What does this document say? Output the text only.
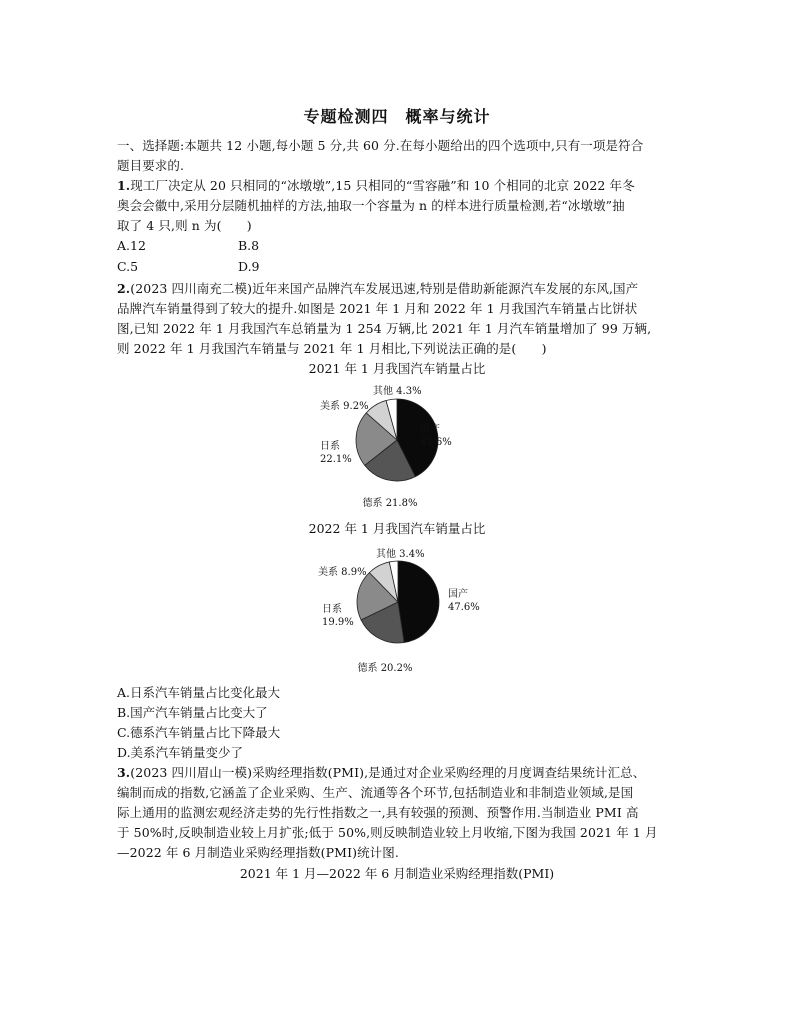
专题检测四　概率与统计
一、选择题:本题共 12 小题,每小题 5 分,共 60 分.在每小题给出的四个选项中,只有一项是符合
题目要求的.
1.现工厂决定从 20 只相同的“冰墩墩”,15 只相同的“雪容融”和 10 个相同的北京 2022 年冬
奥会会徽中,采用分层随机抽样的方法,抽取一个容量为 n 的样本进行质量检测,若“冰墩墩”抽
取了 4 只,则 n 为(　　)
A.12	B.8
C.5	D.9
2.(2023 四川南充二模)近年来国产品牌汽车发展迅速,特别是借助新能源汽车发展的东风,国产
品牌汽车销量得到了较大的提升.如图是 2021 年 1 月和 2022 年 1 月我国汽车销量占比饼状
图,已知 2022 年 1 月我国汽车总销量为 1 254 万辆,比 2021 年 1 月汽车销量增加了 99 万辆,
则 2022 年 1 月我国汽车销量与 2021 年 1 月相比,下列说法正确的是(　　)
2021 年 1 月我国汽车销量占比
国产
42.6%
德系 21.8%
日系
22.1%
美系 9.2%
其他 4.3%
2022 年 1 月我国汽车销量占比
国产
47.6%
德系 20.2%
日系
19.9%
美系 8.9%
其他 3.4%
A.日系汽车销量占比变化最大
B.国产汽车销量占比变大了
C.德系汽车销量占比下降最大
D.美系汽车销量变少了
3.(2023 四川眉山一模)采购经理指数(PMI),是通过对企业采购经理的月度调查结果统计汇总、
编制而成的指数,它涵盖了企业采购、生产、流通等各个环节,包括制造业和非制造业领域,是国
际上通用的监测宏观经济走势的先行性指数之一,具有较强的预测、预警作用.当制造业 PMI 高
于 50%时,反映制造业较上月扩张;低于 50%,则反映制造业较上月收缩,下图为我国 2021 年 1 月
—2022 年 6 月制造业采购经理指数(PMI)统计图.
2021 年 1 月—2022 年 6 月制造业采购经理指数(PMI)
